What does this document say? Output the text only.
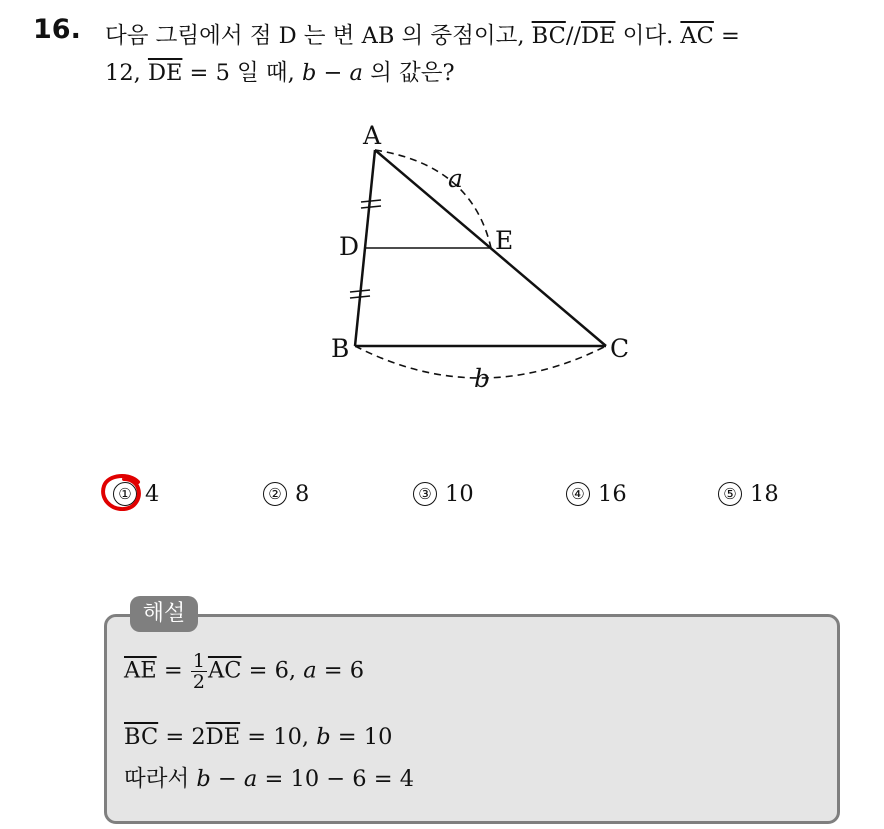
16. 다음 그림에서 점 D 는 변 AB 의 중점이고, $\overline{BC}//\overline{DE}$ 이다. $\overline{AC}$ =
12, $\overline{DE} = 5$ 일 때, b − a 의 값은?
A
D	E
B	C
a
b
① 4	② 8	③ 10	④ 16	⑤ 18
해설
$\overline{AE} = \frac{1}{2} \overline{AC} = 6$, a = 6
$\overline{BC} = 2\overline{DE} = 10$, b = 10
따라서 b − a = 10 − 6 = 4
